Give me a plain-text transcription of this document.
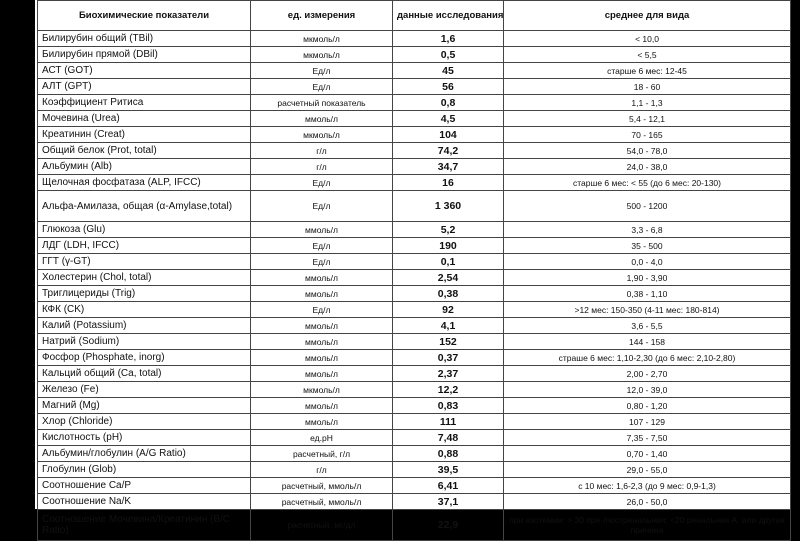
Биохимические показатели	ед. измерения	данные исследования	среднее для вида
Билирубин общий (TBil)	мкмоль/л	1,6	< 10,0
Билирубин прямой (DBil)	мкмоль/л	0,5	< 5,5
АСТ (GOT)	Ед/л	45	старше 6 мес: 12-45
АЛТ (GPT)	Ед/л	56	18 - 60
Коэффициент Ритиса	расчетный показатель	0,8	1,1 - 1,3
Мочевина (Urea)	ммоль/л	4,5	5,4 - 12,1
Креатинин (Creat)	мкмоль/л	104	70 - 165
Общий белок (Prot, total)	г/л	74,2	54,0 - 78,0
Альбумин (Alb)	г/л	34,7	24,0 - 38,0
Щелочная фосфатаза (ALP, IFCC)	Ед/л	16	старше 6 мес: < 55 (до 6 мес: 20-130)
Альфа-Амилаза, общая (α-Amylase,total)	Ед/л	1 360	500 - 1200
Глюкоза (Glu)	ммоль/л	5,2	3,3 - 6,8
ЛДГ (LDH, IFCC)	Ед/л	190	35 - 500
ГГТ (γ-GT)	Ед/л	0,1	0,0 - 4,0
Холестерин (Chol, total)	ммоль/л	2,54	1,90 - 3,90
Триглицериды (Trig)	ммоль/л	0,38	0,38 - 1,10
КФК (CK)	Ед/л	92	>12 мес: 150-350 (4-11 мес: 180-814)
Калий (Potassium)	ммоль/л	4,1	3,6 - 5,5
Натрий (Sodium)	ммоль/л	152	144 - 158
Фосфор (Phosphate, inorg)	ммоль/л	0,37	страше 6 мес: 1,10-2,30 (до 6 мес: 2,10-2,80)
Кальций общий (Ca, total)	ммоль/л	2,37	2,00 - 2,70
Железо (Fe)	мкмоль/л	12,2	12,0 - 39,0
Магний (Mg)	ммоль/л	0,83	0,80 - 1,20
Хлор (Chloride)	ммоль/л	111	107 - 129
Кислотность (pH)	ед.pH	7,48	7,35 - 7,50
Альбумин/глобулин (A/G Ratio)	расчетный, г/л	0,88	0,70 - 1,40
Глобулин (Glob)	г/л	39,5	29,0 - 55,0
Соотношение Ca/P	расчетный, ммоль/л	6,41	с 10 мес: 1,6-2,3 (до 9 мес: 0,9-1,3)
Соотношение Na/K	расчетный, ммоль/л	37,1	26,0 - 50,0
Соотношение Мочевина/Креатинин (B/C Ratio)	расчетный, мг/дл	22,9	при азотемии: > 30 пре-/постренальная; <20 ренальная А. или другая причина
